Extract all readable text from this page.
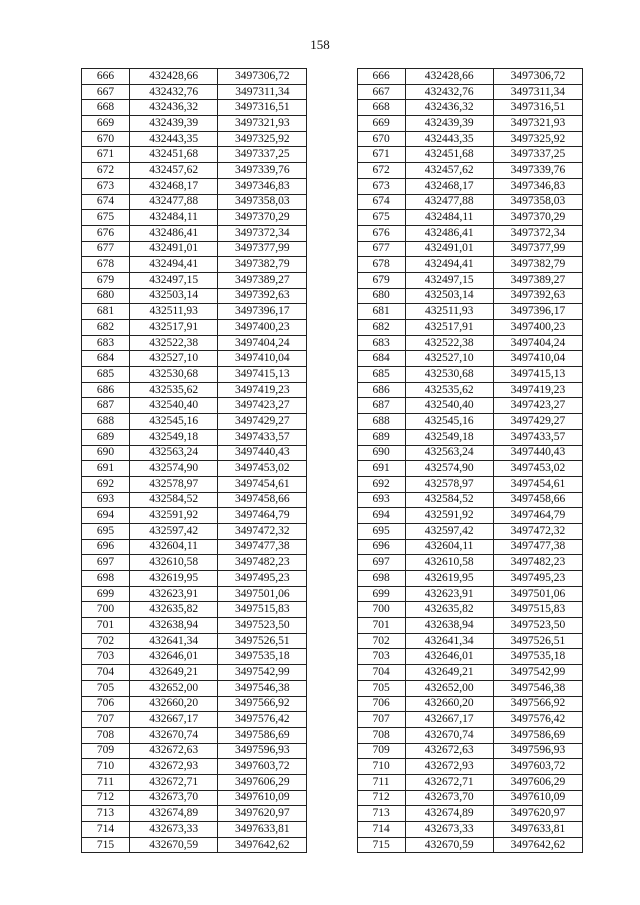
158
666	432428,66	3497306,72		666	432428,66	3497306,72
667	432432,76	3497311,34		667	432432,76	3497311,34
668	432436,32	3497316,51		668	432436,32	3497316,51
669	432439,39	3497321,93		669	432439,39	3497321,93
670	432443,35	3497325,92		670	432443,35	3497325,92
671	432451,68	3497337,25		671	432451,68	3497337,25
672	432457,62	3497339,76		672	432457,62	3497339,76
673	432468,17	3497346,83		673	432468,17	3497346,83
674	432477,88	3497358,03		674	432477,88	3497358,03
675	432484,11	3497370,29		675	432484,11	3497370,29
676	432486,41	3497372,34		676	432486,41	3497372,34
677	432491,01	3497377,99		677	432491,01	3497377,99
678	432494,41	3497382,79		678	432494,41	3497382,79
679	432497,15	3497389,27		679	432497,15	3497389,27
680	432503,14	3497392,63		680	432503,14	3497392,63
681	432511,93	3497396,17		681	432511,93	3497396,17
682	432517,91	3497400,23		682	432517,91	3497400,23
683	432522,38	3497404,24		683	432522,38	3497404,24
684	432527,10	3497410,04		684	432527,10	3497410,04
685	432530,68	3497415,13		685	432530,68	3497415,13
686	432535,62	3497419,23		686	432535,62	3497419,23
687	432540,40	3497423,27		687	432540,40	3497423,27
688	432545,16	3497429,27		688	432545,16	3497429,27
689	432549,18	3497433,57		689	432549,18	3497433,57
690	432563,24	3497440,43		690	432563,24	3497440,43
691	432574,90	3497453,02		691	432574,90	3497453,02
692	432578,97	3497454,61		692	432578,97	3497454,61
693	432584,52	3497458,66		693	432584,52	3497458,66
694	432591,92	3497464,79		694	432591,92	3497464,79
695	432597,42	3497472,32		695	432597,42	3497472,32
696	432604,11	3497477,38		696	432604,11	3497477,38
697	432610,58	3497482,23		697	432610,58	3497482,23
698	432619,95	3497495,23		698	432619,95	3497495,23
699	432623,91	3497501,06		699	432623,91	3497501,06
700	432635,82	3497515,83		700	432635,82	3497515,83
701	432638,94	3497523,50		701	432638,94	3497523,50
702	432641,34	3497526,51		702	432641,34	3497526,51
703	432646,01	3497535,18		703	432646,01	3497535,18
704	432649,21	3497542,99		704	432649,21	3497542,99
705	432652,00	3497546,38		705	432652,00	3497546,38
706	432660,20	3497566,92		706	432660,20	3497566,92
707	432667,17	3497576,42		707	432667,17	3497576,42
708	432670,74	3497586,69		708	432670,74	3497586,69
709	432672,63	3497596,93		709	432672,63	3497596,93
710	432672,93	3497603,72		710	432672,93	3497603,72
711	432672,71	3497606,29		711	432672,71	3497606,29
712	432673,70	3497610,09		712	432673,70	3497610,09
713	432674,89	3497620,97		713	432674,89	3497620,97
714	432673,33	3497633,81		714	432673,33	3497633,81
715	432670,59	3497642,62		715	432670,59	3497642,62
